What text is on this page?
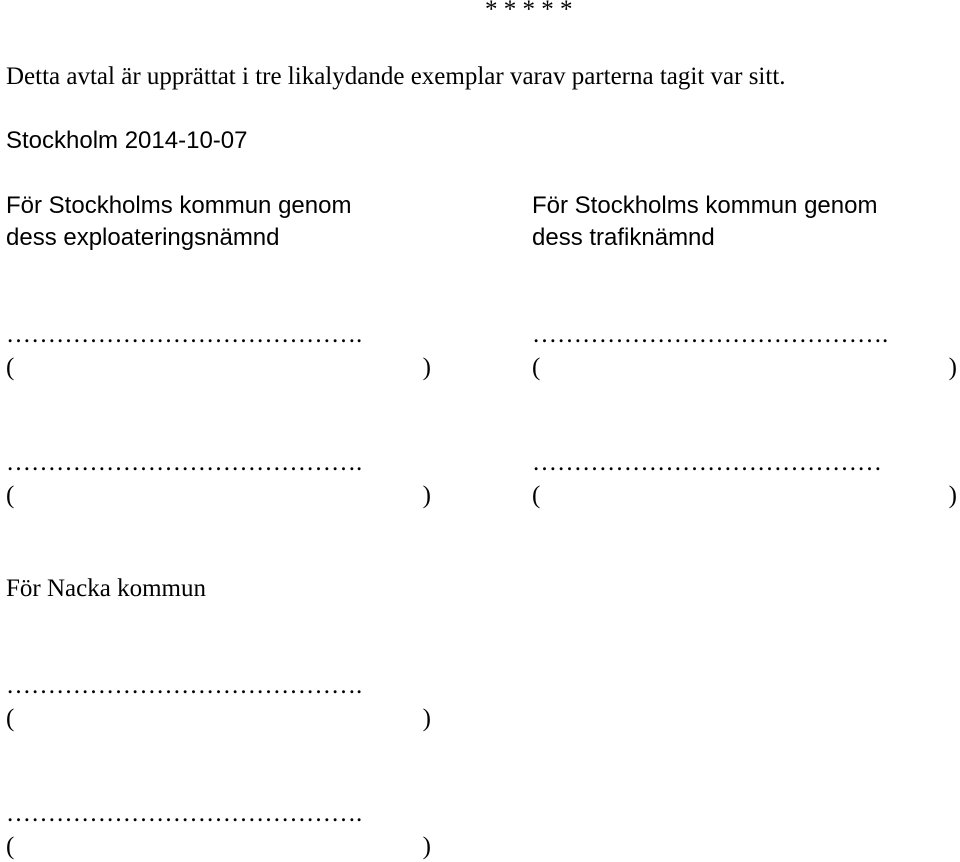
* * * * *
Detta avtal är upprättat i tre likalydande exemplar varav parterna tagit var sitt.
Stockholm 2014-10-07
För Stockholms kommun genom
dess exploateringsnämnd
För Stockholms kommun genom
dess trafiknämnd
…………………………………….
(	)
…………………………………….
(	)
…………………………………….
(	)
……………………………………
(	)
För Nacka kommun
…………………………………….
(	)
…………………………………….
(	)
